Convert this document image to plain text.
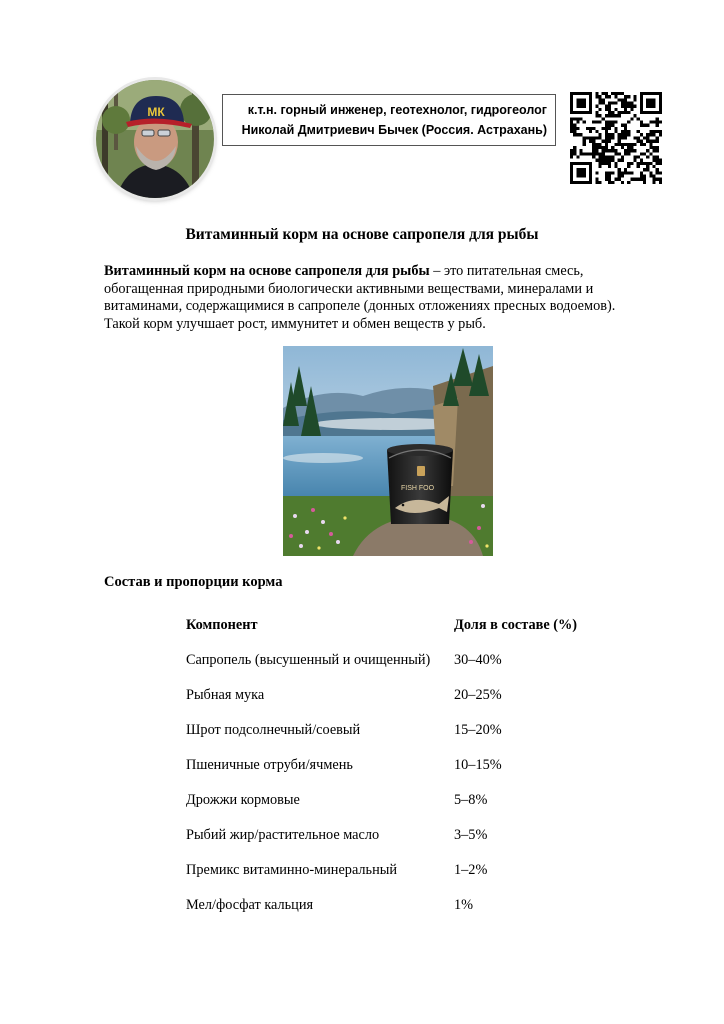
МК	к.т.н. горный инженер, геотехнолог, гидрогеолог
Николай Дмитриевич Бычек (Россия. Астрахань)
Витаминный корм на основе сапропеля для рыбы
Витаминный корм на основе сапропеля для рыбы – это питательная смесь, обогащенная природными биологически активными веществами, минералами и витаминами, содержащимися в сапропеле (донных отложениях пресных водоемов). Такой корм улучшает рост, иммунитет и обмен веществ у рыб.
FISH FOO
Состав и пропорции корма
Компонент	Доля в составе (%)
Сапропель (высушенный и очищенный) 30–40%
Рыбная мука	20–25%
Шрот подсолнечный/соевый	15–20%
Пшеничные отруби/ячмень	10–15%
Дрожжи кормовые	5–8%
Рыбий жир/растительное масло	3–5%
Премикс витаминно-минеральный	1–2%
Мел/фосфат кальция	1%
